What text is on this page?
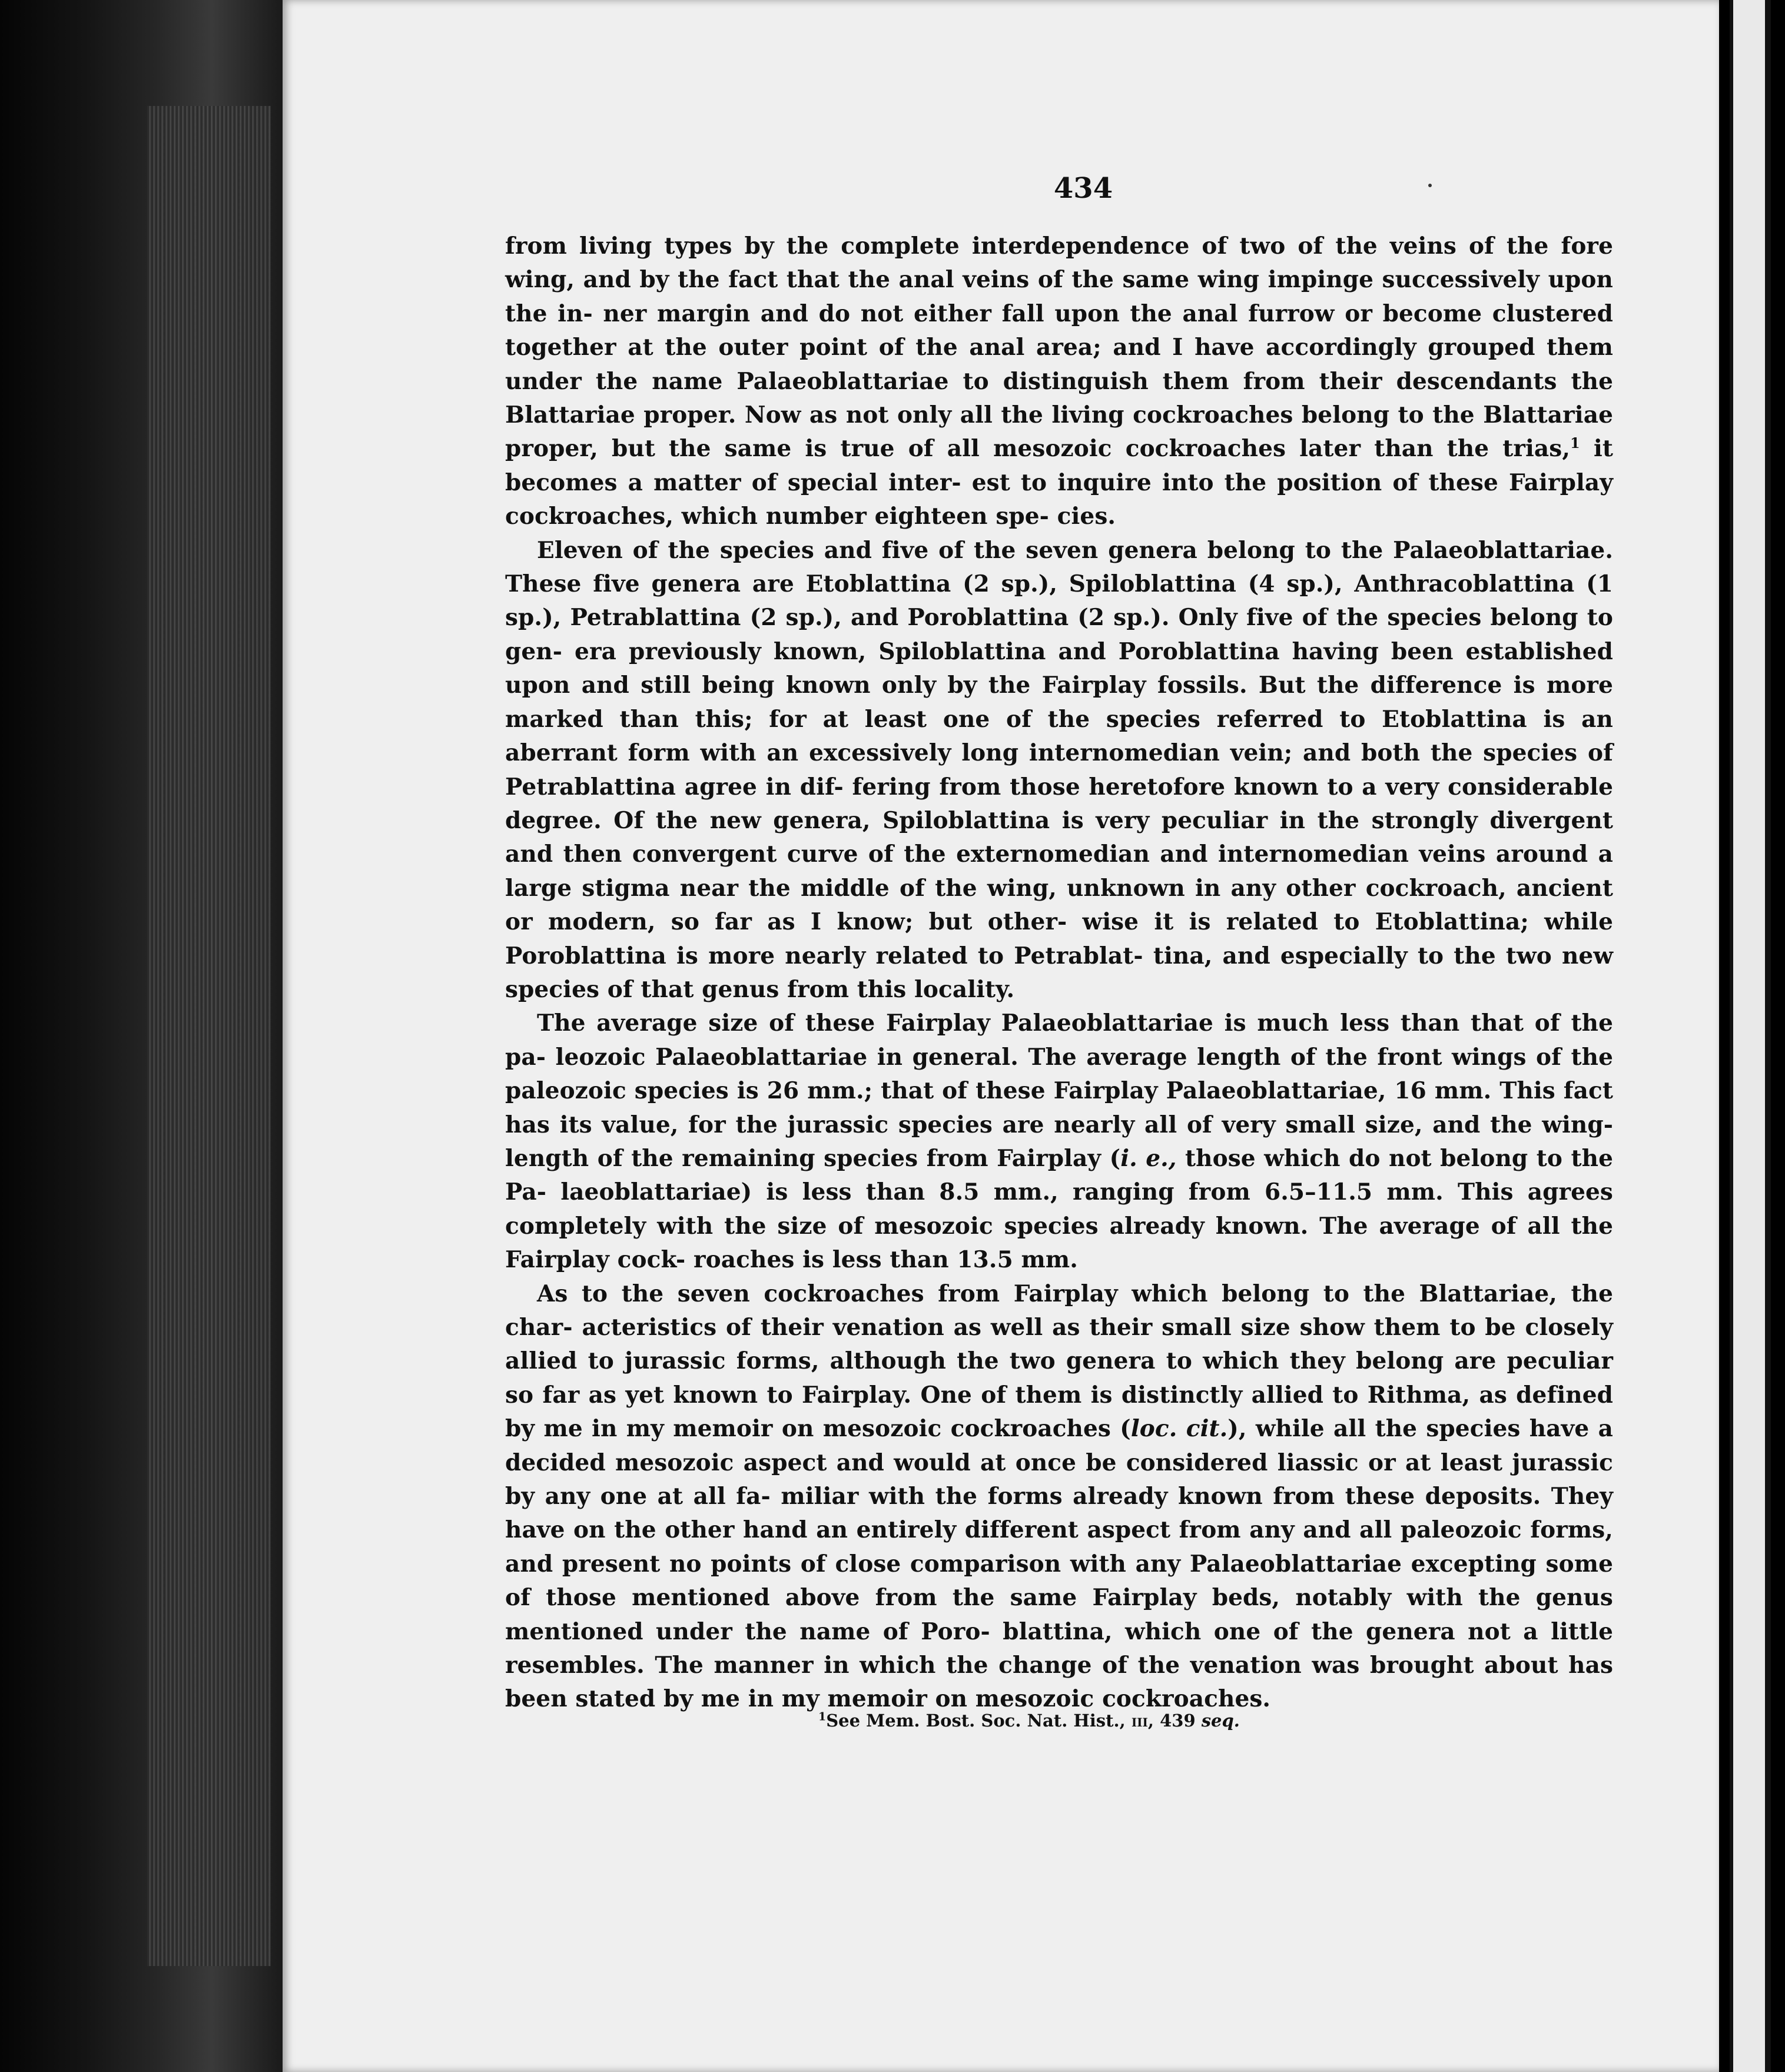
434

from living types by the complete interdependence of two of the veins of the fore wing, and by the fact that the anal veins of the same wing impinge successively upon the in- ner margin and do not either fall upon the anal furrow or become clustered together at the outer point of the anal area; and I have accordingly grouped them under the name Palaeoblattariae to distinguish them from their descendants the Blattariae proper. Now as not only all the living cockroaches belong to the Blattariae proper, but the same is true of all mesozoic cockroaches later than the trias,$^1$ it becomes a matter of special inter- est to inquire into the position of these Fairplay cockroaches, which number eighteen spe- cies.

Eleven of the species and five of the seven genera belong to the Palaeoblattariae. These five genera are Etoblattina (2 sp.), Spiloblattina (4 sp.), Anthracoblattina (1 sp.), Petrablattina (2 sp.), and Poroblattina (2 sp.). Only five of the species belong to gen- era previously known, Spiloblattina and Poroblattina having been established upon and still being known only by the Fairplay fossils. But the difference is more marked than this; for at least one of the species referred to Etoblattina is an aberrant form with an excessively long internomedian vein; and both the species of Petrablattina agree in dif- fering from those heretofore known to a very considerable degree. Of the new genera, Spiloblattina is very peculiar in the strongly divergent and then convergent curve of the externomedian and internomedian veins around a large stigma near the middle of the wing, unknown in any other cockroach, ancient or modern, so far as I know; but other- wise it is related to Etoblattina; while Poroblattina is more nearly related to Petrablat- tina, and especially to the two new species of that genus from this locality.

The average size of these Fairplay Palaeoblattariae is much less than that of the pa- leozoic Palaeoblattariae in general. The average length of the front wings of the paleozoic species is 26 mm.; that of these Fairplay Palaeoblattariae, 16 mm. This fact has its value, for the jurassic species are nearly all of very small size, and the wing- length of the remaining species from Fairplay (i. e., those which do not belong to the Pa- laeoblattariae) is less than 8.5 mm., ranging from 6.5–11.5 mm. This agrees completely with the size of mesozoic species already known. The average of all the Fairplay cock- roaches is less than 13.5 mm.

As to the seven cockroaches from Fairplay which belong to the Blattariae, the char- acteristics of their venation as well as their small size show them to be closely allied to jurassic forms, although the two genera to which they belong are peculiar so far as yet known to Fairplay. One of them is distinctly allied to Rithma, as defined by me in my memoir on mesozoic cockroaches (loc. cit.), while all the species have a decided mesozoic aspect and would at once be considered liassic or at least jurassic by any one at all fa- miliar with the forms already known from these deposits. They have on the other hand an entirely different aspect from any and all paleozoic forms, and present no points of close comparison with any Palaeoblattariae excepting some of those mentioned above from the same Fairplay beds, notably with the genus mentioned under the name of Poro- blattina, which one of the genera not a little resembles. The manner in which the change of the venation was brought about has been stated by me in my memoir on mesozoic cockroaches.

$^1$See Mem. Bost. Soc. Nat. Hist., iii, 439 seq.
